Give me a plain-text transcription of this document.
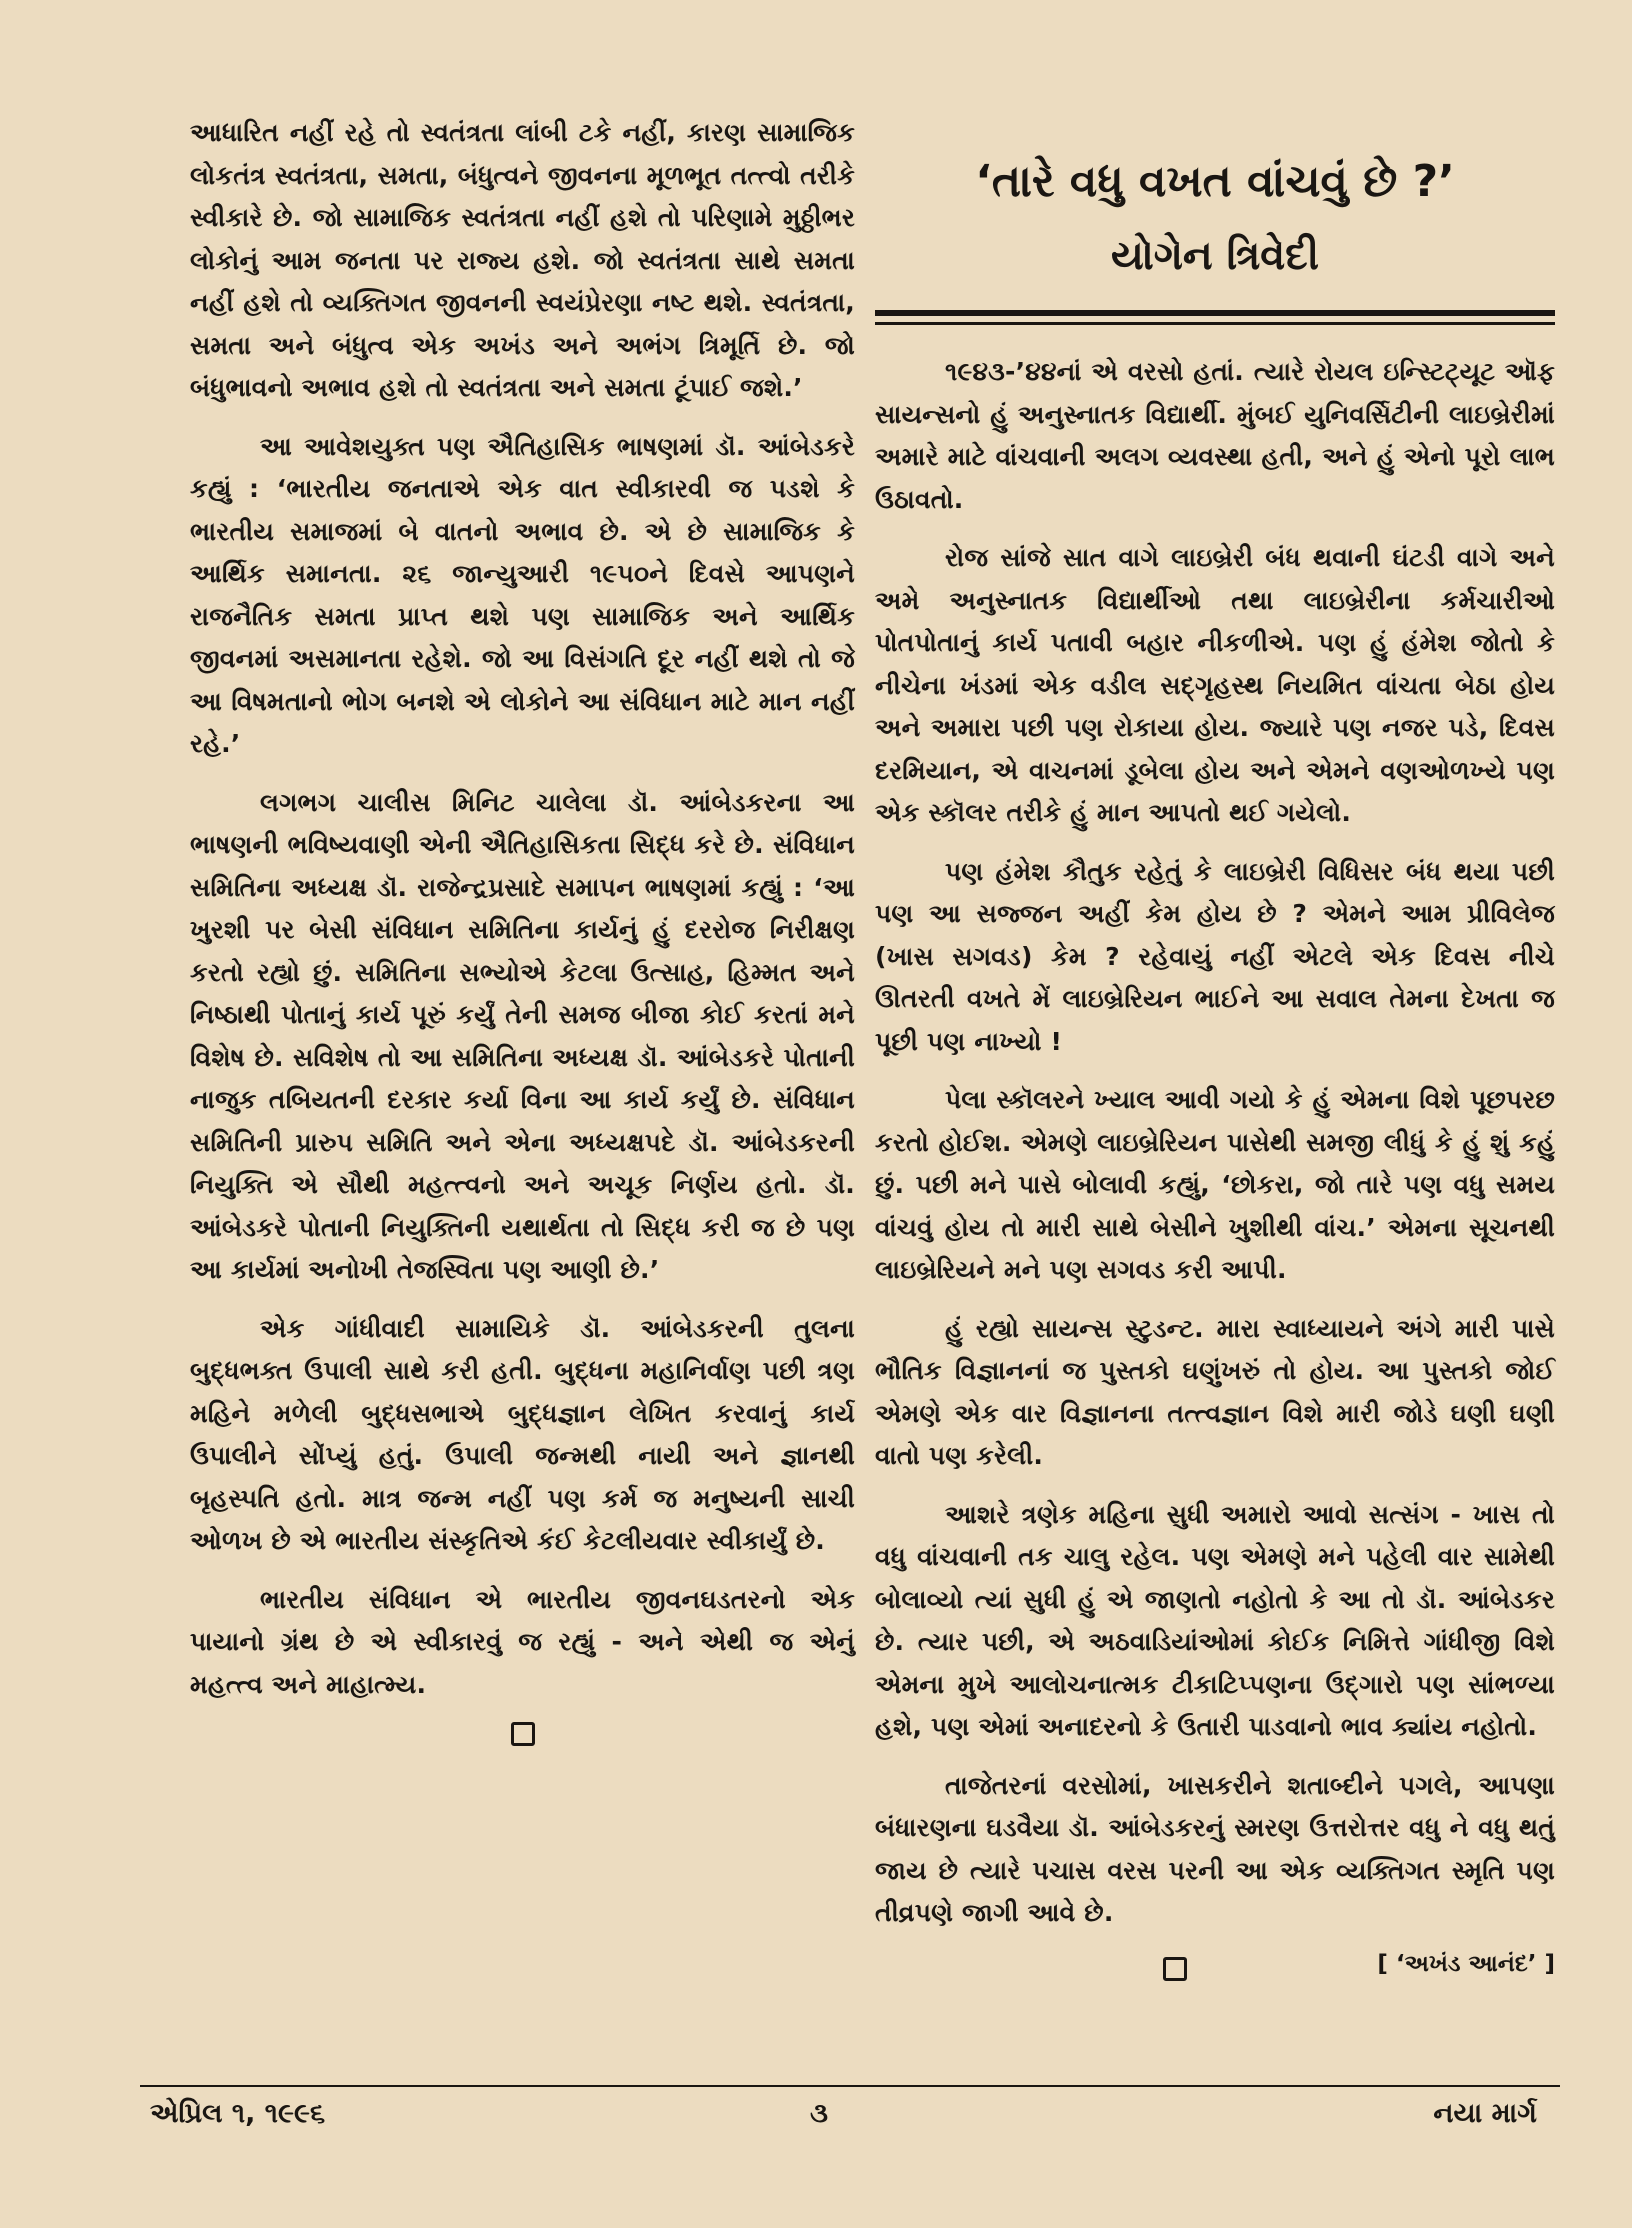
આધારિત નહીં રહે તો સ્વતંત્રતા લાંબી ટકે નહીં, કારણ સામાજિક લોકતંત્ર સ્વતંત્રતા, સમતા, બંધુત્વને જીવનના મૂળભૂત તત્ત્વો તરીકે સ્વીકારે છે. જો સામાજિક સ્વતંત્રતા નહીં હશે તો પરિણામે મુઠ્ઠીભર લોકોનું આમ જનતા પર રાજ્ય હશે. જો સ્વતંત્રતા સાથે સમતા નહીં હશે તો વ્યક્તિગત જીવનની સ્વયંપ્રેરણા નષ્ટ થશે. સ્વતંત્રતા, સમતા અને બંધુત્વ એક અખંડ અને અભંગ ત્રિમૂર્તિ છે. જો બંધુભાવનો અભાવ હશે તો સ્વતંત્રતા અને સમતા ટૂંપાઈ જશે.’

આ આવેશયુક્ત પણ ઐતિહાસિક ભાષણમાં ડૉ. આંબેડકરે કહ્યું : ‘ભારતીય જનતાએ એક વાત સ્વીકારવી જ પડશે કે ભારતીય સમાજમાં બે વાતનો અભાવ છે. એ છે સામાજિક કે આર્થિક સમાનતા. ૨૬ જાન્યુઆરી ૧૯૫૦ને દિવસે આપણને રાજનૈતિક સમતા પ્રાપ્ત થશે પણ સામાજિક અને આર્થિક જીવનમાં અસમાનતા રહેશે. જો આ વિસંગતિ દૂર નહીં થશે તો જે આ વિષમતાનો ભોગ બનશે એ લોકોને આ સંવિધાન માટે માન નહીં રહે.’

લગભગ ચાલીસ મિનિટ ચાલેલા ડૉ. આંબેડકરના આ ભાષણની ભવિષ્યવાણી એની ઐતિહાસિકતા સિદ્ધ કરે છે. સંવિધાન સમિતિના અધ્યક્ષ ડૉ. રાજેન્દ્રપ્રસાદે સમાપન ભાષણમાં કહ્યું : ‘આ ખુરશી પર બેસી સંવિધાન સમિતિના કાર્યનું હું દરરોજ નિરીક્ષણ કરતો રહ્યો છું. સમિતિના સભ્યોએ કેટલા ઉત્સાહ, હિમ્મત અને નિષ્ઠાથી પોતાનું કાર્ય પૂરું કર્યું તેની સમજ બીજા કોઈ કરતાં મને વિશેષ છે. સવિશેષ તો આ સમિતિના અધ્યક્ષ ડૉ. આંબેડકરે પોતાની નાજુક તબિયતની દરકાર કર્યા વિના આ કાર્ય કર્યું છે. સંવિધાન સમિતિની પ્રારુપ સમિતિ અને એના અધ્યક્ષપદે ડૉ. આંબેડકરની નિયુક્તિ એ સૌથી મહત્ત્વનો અને અચૂક નિર્ણય હતો. ડૉ. આંબેડકરે પોતાની નિયુક્તિની યથાર્થતા તો સિદ્ધ કરી જ છે પણ આ કાર્યમાં અનોખી તેજસ્વિતા પણ આણી છે.’

એક ગાંધીવાદી સામાયિકે ડૉ. આંબેડકરની તુલના બુદ્ધભક્ત ઉપાલી સાથે કરી હતી. બુદ્ધના મહાનિર્વાણ પછી ત્રણ મહિને મળેલી બુદ્ધસભાએ બુદ્ધજ્ઞાન લેખિત કરવાનું કાર્ય ઉપાલીને સોંપ્યું હતું. ઉપાલી જન્મથી નાયી અને જ્ઞાનથી બૃહસ્પતિ હતો. માત્ર જન્મ નહીં પણ કર્મ જ મનુષ્યની સાચી ઓળખ છે એ ભારતીય સંસ્કૃતિએ કંઈ કેટલીયવાર સ્વીકાર્યું છે.

ભારતીય સંવિધાન એ ભારતીય જીવનઘડતરનો એક પાયાનો ગ્રંથ છે એ સ્વીકારવું જ રહ્યું - અને એથી જ એનું મહત્ત્વ અને માહાત્મ્ય.

‘તારે વધુ વખત વાંચવું છે ?’
યોગેન ત્રિવેદી

૧૯૪૩-’૪૪નાં એ વરસો હતાં. ત્યારે રોયલ ઇન્સ્ટિટ્યૂટ ઑફ સાયન્સનો હું અનુસ્નાતક વિદ્યાર્થી. મુંબઈ યુનિવર્સિટીની લાઇબ્રેરીમાં અમારે માટે વાંચવાની અલગ વ્યવસ્થા હતી, અને હું એનો પૂરો લાભ ઉઠાવતો.

રોજ સાંજે સાત વાગે લાઇબ્રેરી બંધ થવાની ઘંટડી વાગે અને અમે અનુસ્નાતક વિદ્યાર્થીઓ તથા લાઇબ્રેરીના કર્મચારીઓ પોતપોતાનું કાર્ય પતાવી બહાર નીકળીએ. પણ હું હંમેશ જોતો કે નીચેના ખંડમાં એક વડીલ સદ્ગૃહસ્થ નિયમિત વાંચતા બેઠા હોય અને અમારા પછી પણ રોકાયા હોય. જ્યારે પણ નજર પડે, દિવસ દરમિયાન, એ વાચનમાં ડૂબેલા હોય અને એમને વણઓળખ્યે પણ એક સ્કૉલર તરીકે હું માન આપતો થઈ ગયેલો.

પણ હંમેશ કૌતુક રહેતું કે લાઇબ્રેરી વિધિસર બંધ થયા પછી પણ આ સજ્જન અહીં કેમ હોય છે ? એમને આમ પ્રીવિલેજ (ખાસ સગવડ) કેમ ? રહેવાયું નહીં એટલે એક દિવસ નીચે ઊતરતી વખતે મેં લાઇબ્રેરિયન ભાઈને આ સવાલ તેમના દેખતા જ પૂછી પણ નાખ્યો !

પેલા સ્કૉલરને ખ્યાલ આવી ગયો કે હું એમના વિશે પૂછપરછ કરતો હોઈશ. એમણે લાઇબ્રેરિયન પાસેથી સમજી લીધું કે હું શું કહું છું. પછી મને પાસે બોલાવી કહ્યું, ‘છોકરા, જો તારે પણ વધુ સમય વાંચવું હોય તો મારી સાથે બેસીને ખુશીથી વાંચ.’ એમના સૂચનથી લાઇબ્રેરિયને મને પણ સગવડ કરી આપી.

હું રહ્યો સાયન્સ સ્ટુડન્ટ. મારા સ્વાધ્યાયને અંગે મારી પાસે ભૌતિક વિજ્ઞાનનાં જ પુસ્તકો ઘણુંખરું તો હોય. આ પુસ્તકો જોઈ એમણે એક વાર વિજ્ઞાનના તત્ત્વજ્ઞાન વિશે મારી જોડે ઘણી ઘણી વાતો પણ કરેલી.

આશરે ત્રણેક મહિના સુધી અમારો આવો સત્સંગ - ખાસ તો વધુ વાંચવાની તક ચાલુ રહેલ. પણ એમણે મને પહેલી વાર સામેથી બોલાવ્યો ત્યાં સુધી હું એ જાણતો નહોતો કે આ તો ડૉ. આંબેડકર છે. ત્યાર પછી, એ અઠવાડિયાંઓમાં કોઈક નિમિત્તે ગાંધીજી વિશે એમના મુખે આલોચનાત્મક ટીકાટિપ્પણના ઉદ્ગારો પણ સાંભળ્યા હશે, પણ એમાં અનાદરનો કે ઉતારી પાડવાનો ભાવ ક્યાંય નહોતો.

તાજેતરનાં વરસોમાં, ખાસકરીને શતાબ્દીને પગલે, આપણા બંધારણના ઘડવૈયા ડૉ. આંબેડકરનું સ્મરણ ઉત્તરોત્તર વધુ ને વધુ થતું જાય છે ત્યારે પચાસ વરસ પરની આ એક વ્યક્તિગત સ્મૃતિ પણ તીવ્રપણે જાગી આવે છે.

[ ‘અખંડ આનંદ’ ]
એપ્રિલ ૧, ૧૯૯૬	૩	નયા માર્ગ
